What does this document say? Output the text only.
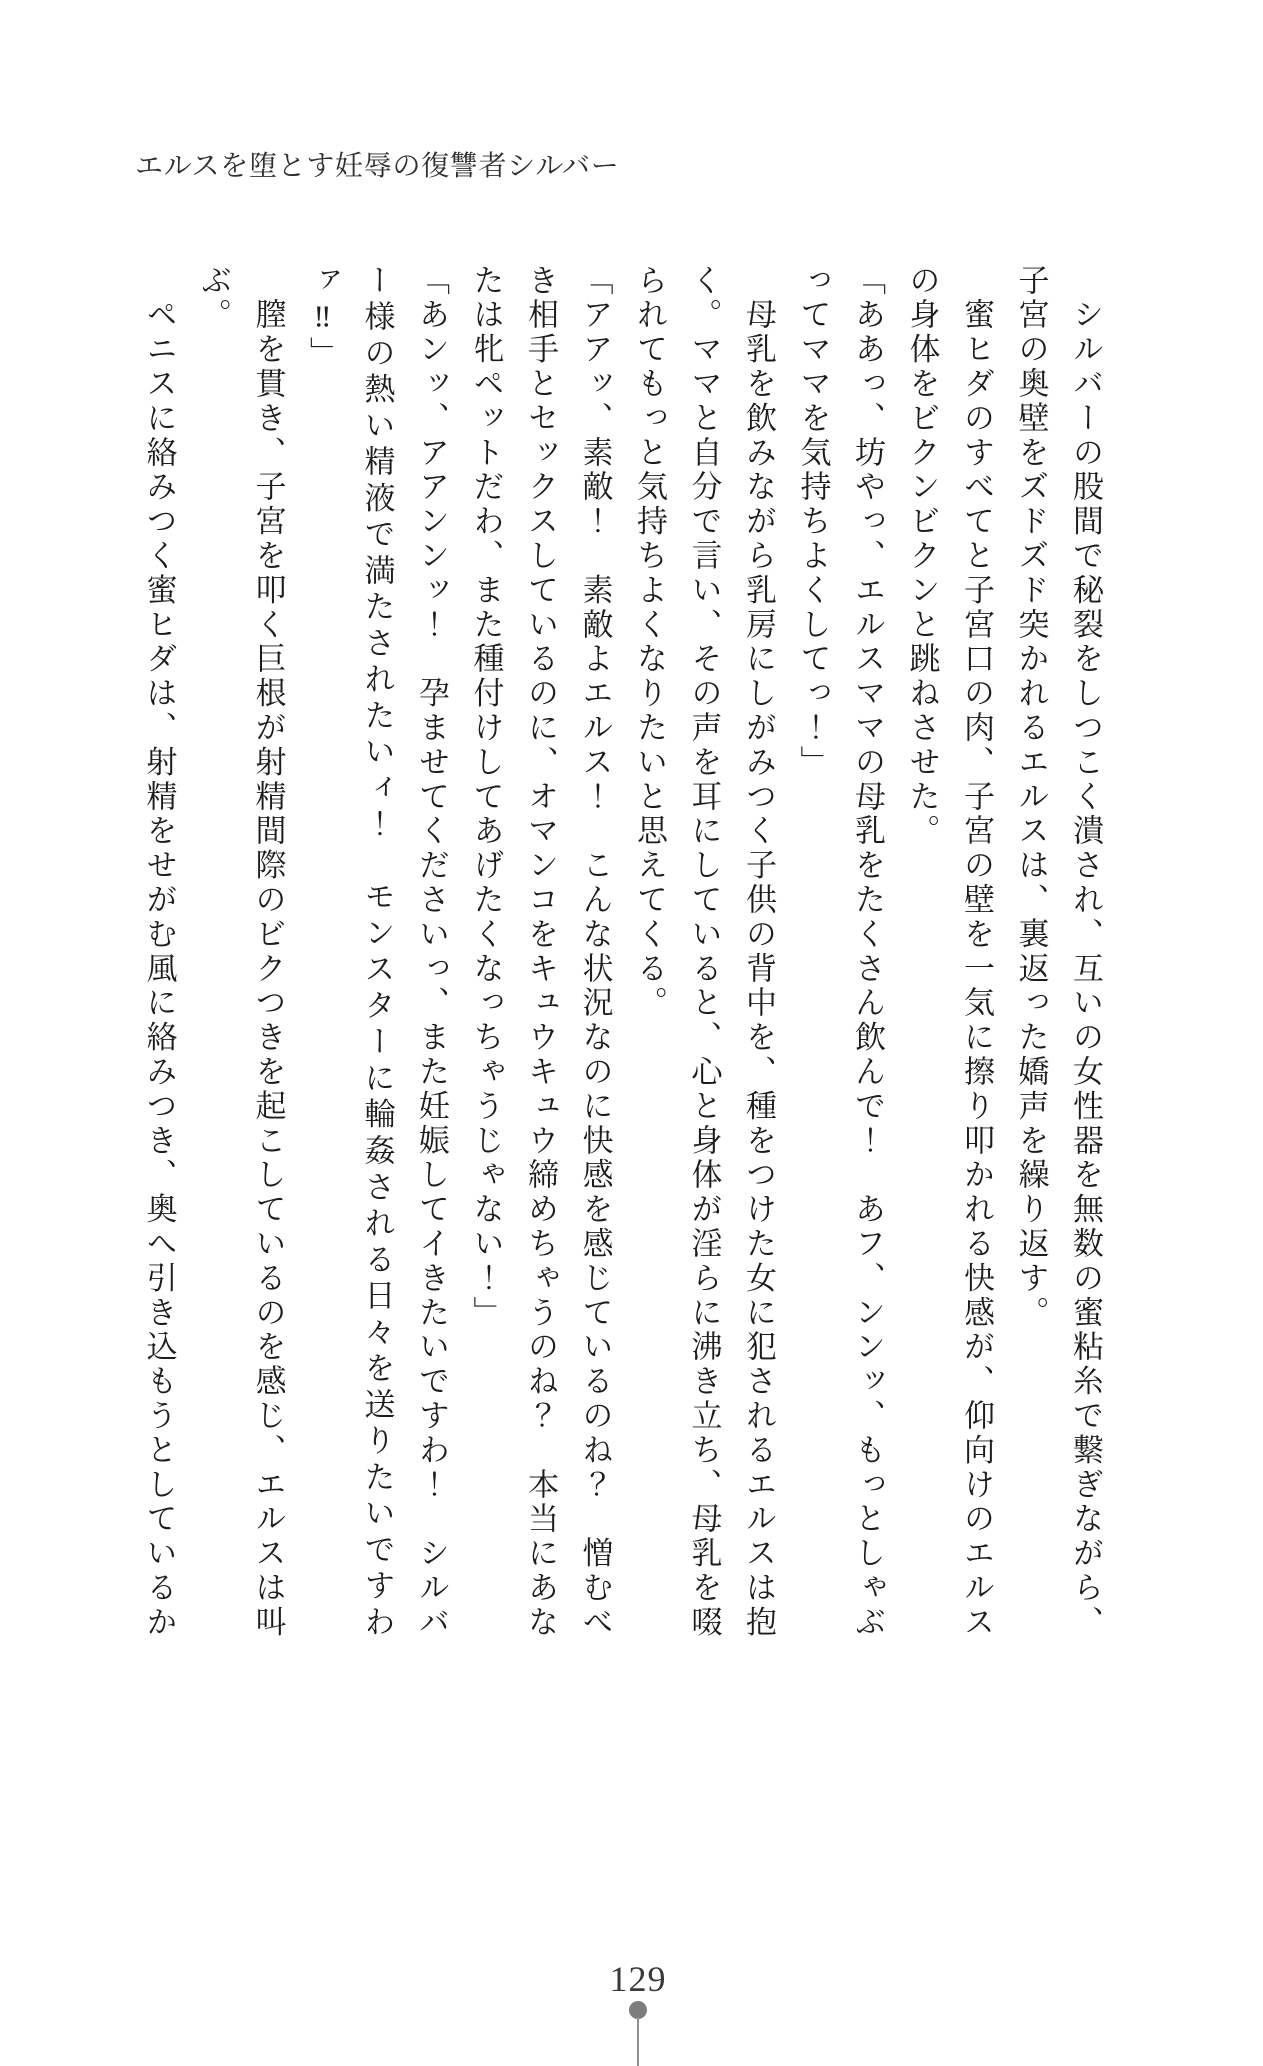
エルスを堕とす妊辱の復讐者シルバー

　シルバーの股間で秘裂をしつこく潰され、互いの女性器を無数の蜜粘糸で繋ぎながら、

子宮の奥壁をズドズド突かれるエルスは、裏返った嬌声を繰り返す。

　蜜ヒダのすべてと子宮口の肉、子宮の壁を一気に擦り叩かれる快感が、仰向けのエルス

の身体をビクンビクンと跳ねさせた。

「ああっ、坊やっ、エルスママの母乳をたくさん飲んで！　あフ、ンンッ、もっとしゃぶ

ってママを気持ちよくしてっ！」

　母乳を飲みながら乳房にしがみつく子供の背中を、種をつけた女に犯されるエルスは抱

く。ママと自分で言い、その声を耳にしていると、心と身体が淫らに沸き立ち、母乳を啜

られてもっと気持ちよくなりたいと思えてくる。

「アアッ、素敵！　素敵よエルス！　こんな状況なのに快感を感じているのね？　憎むべ

き相手とセックスしているのに、オマンコをキュウキュウ締めちゃうのね？　本当にあな

たは牝ペットだわ、また種付けしてあげたくなっちゃうじゃない！」

「あンッ、アアンンッ！　孕ませてくださいっ、また妊娠してイきたいですわ！　シルバ

ー様の熱い精液で満たされたいィ！　モンスターに輪姦される日々を送りたいですわ

ァ‼」

　膣を貫き、子宮を叩く巨根が射精間際のビクつきを起こしているのを感じ、エルスは叫

ぶ。

　ペニスに絡みつく蜜ヒダは、射精をせがむ風に絡みつき、奥へ引き込もうとしているか

129
